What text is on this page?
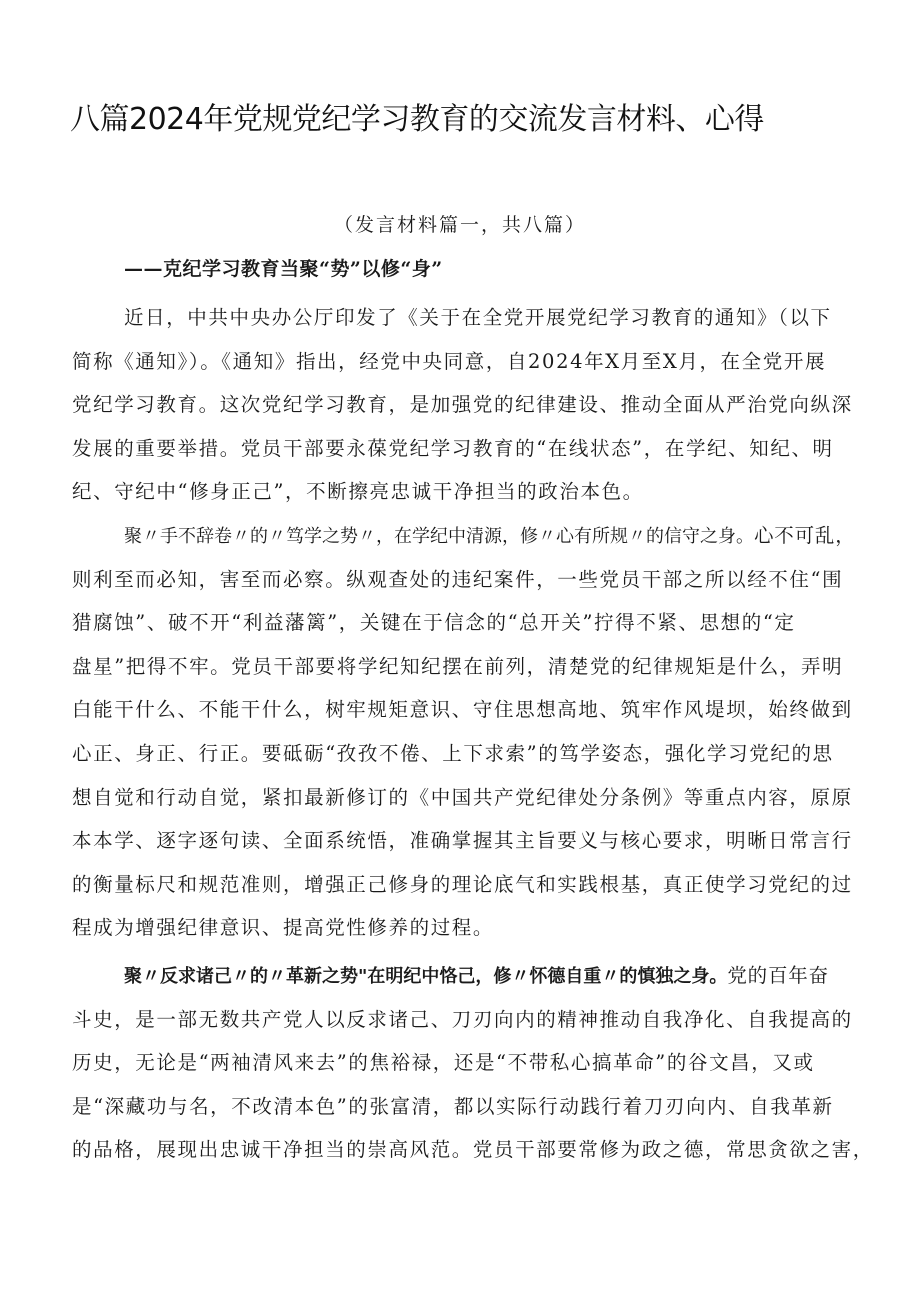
八篇2024年党规党纪学习教育的交流发言材料、心得
（发言材料篇一，共八篇）
——克纪学习教育当聚“势”以修“身”
近日，中共中央办公厅印发了《关于在全党开展党纪学习教育的通知》（以下
简称《通知》）。《通知》指出，经党中央同意，自2024年X月至X月，在全党开展
党纪学习教育。这次党纪学习教育，是加强党的纪律建设、推动全面从严治党向纵深
发展的重要举措。党员干部要永葆党纪学习教育的“在线状态”，在学纪、知纪、明
纪、守纪中“修身正己”，不断擦亮忠诚干净担当的政治本色。
聚〃手不辞卷〃的〃笃学之势〃，在学纪中清源，修〃心有所规〃的信守之身。心不可乱，
则利至而必知，害至而必察。纵观查处的违纪案件，一些党员干部之所以经不住“围
猎腐蚀”、破不开“利益藩篱”，关键在于信念的“总开关”拧得不紧、思想的“定
盘星”把得不牢。党员干部要将学纪知纪摆在前列，清楚党的纪律规矩是什么，弄明
白能干什么、不能干什么，树牢规矩意识、守住思想高地、筑牢作风堤坝，始终做到
心正、身正、行正。要砥砺“孜孜不倦、上下求索”的笃学姿态，强化学习党纪的思
想自觉和行动自觉，紧扣最新修订的《中国共产党纪律处分条例》等重点内容，原原
本本学、逐字逐句读、全面系统悟，准确掌握其主旨要义与核心要求，明晰日常言行
的衡量标尺和规范准则，增强正己修身的理论底气和实践根基，真正使学习党纪的过
程成为增强纪律意识、提高党性修养的过程。
聚〃反求诸己〃的〃革新之势"在明纪中恪己，修〃怀德自重〃的慎独之身。党的百年奋
斗史，是一部无数共产党人以反求诸己、刀刃向内的精神推动自我净化、自我提高的
历史，无论是“两袖清风来去”的焦裕禄，还是“不带私心搞革命”的谷文昌，又或
是“深藏功与名，不改清本色”的张富清，都以实际行动践行着刀刃向内、自我革新
的品格，展现出忠诚干净担当的崇高风范。党员干部要常修为政之德，常思贪欲之害，
